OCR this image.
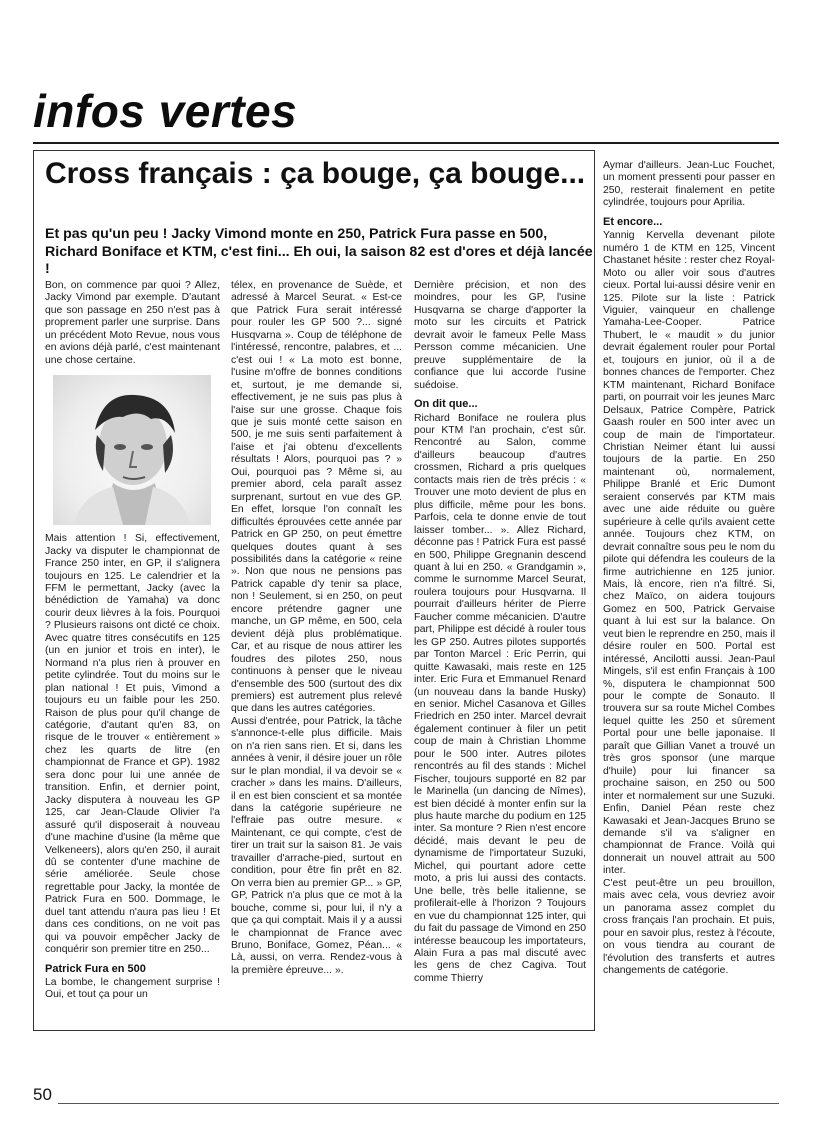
infos vertes
Cross français : ça bouge, ça bouge...
Et pas qu'un peu ! Jacky Vimond monte en 250, Patrick Fura passe en 500, Richard Boniface et KTM, c'est fini... Eh oui, la saison 82 est d'ores et déjà lancée !

Bon, on commence par quoi ? Allez, Jacky Vimond par exemple. D'autant que son passage en 250 n'est pas à proprement parler une surprise. Dans un précédent Moto Revue, nous vous en avions déjà parlé, c'est maintenant une chose certaine.

Mais attention ! Si, effectivement, Jacky va disputer le championnat de France 250 inter, en GP, il s'alignera toujours en 125. Le calendrier et la FFM le permettant, Jacky (avec la bénédiction de Yamaha) va donc courir deux lièvres à la fois. Pourquoi ? Plusieurs raisons ont dicté ce choix. Avec quatre titres consécutifs en 125 (un en junior et trois en inter), le Normand n'a plus rien à prouver en petite cylindrée. Tout du moins sur le plan national ! Et puis, Vimond a toujours eu un faible pour les 250. Raison de plus pour qu'il change de catégorie, d'autant qu'en 83, on risque de le trouver « entièrement » chez les quarts de litre (en championnat de France et GP). 1982 sera donc pour lui une année de transition. Enfin, et dernier point, Jacky disputera à nouveau les GP 125, car Jean-Claude Olivier l'a assuré qu'il disposerait à nouveau d'une machine d'usine (la même que Velkeneers), alors qu'en 250, il aurait dû se contenter d'une machine de série améliorée. Seule chose regrettable pour Jacky, la montée de Patrick Fura en 500. Dommage, le duel tant attendu n'aura pas lieu ! Et dans ces conditions, on ne voit pas qui va pouvoir empêcher Jacky de conquérir son premier titre en 250...

Patrick Fura en 500

La bombe, le changement surprise ! Oui, et tout ça pour un

télex, en provenance de Suède, et adressé à Marcel Seurat. « Est-ce que Patrick Fura serait intéressé pour rouler les GP 500 ?... signé Husqvarna ». Coup de téléphone de l'intéressé, rencontre, palabres, et ... c'est oui ! « La moto est bonne, l'usine m'offre de bonnes conditions et, surtout, je me demande si, effectivement, je ne suis pas plus à l'aise sur une grosse. Chaque fois que je suis monté cette saison en 500, je me suis senti parfaitement à l'aise et j'ai obtenu d'excellents résultats ! Alors, pourquoi pas ? » Oui, pourquoi pas ? Même si, au premier abord, cela paraît assez surprenant, surtout en vue des GP. En effet, lorsque l'on connaît les difficultés éprouvées cette année par Patrick en GP 250, on peut émettre quelques doutes quant à ses possibilités dans la catégorie « reine ». Non que nous ne pensions pas Patrick capable d'y tenir sa place, non ! Seulement, si en 250, on peut encore prétendre gagner une manche, un GP même, en 500, cela devient déjà plus problématique. Car, et au risque de nous attirer les foudres des pilotes 250, nous continuons à penser que le niveau d'ensemble des 500 (surtout des dix premiers) est autrement plus relevé que dans les autres catégories.

Aussi d'entrée, pour Patrick, la tâche s'annonce-t-elle plus difficile. Mais on n'a rien sans rien. Et si, dans les années à venir, il désire jouer un rôle sur le plan mondial, il va devoir se « cracher » dans les mains. D'ailleurs, il en est bien conscient et sa montée dans la catégorie supérieure ne l'effraie pas outre mesure. « Maintenant, ce qui compte, c'est de tirer un trait sur la saison 81. Je vais travailler d'arrache-pied, surtout en condition, pour être fin prêt en 82. On verra bien au premier GP... » GP, GP, Patrick n'a plus que ce mot à la bouche, comme si, pour lui, il n'y a que ça qui comptait. Mais il y a aussi le championnat de France avec Bruno, Boniface, Gomez, Péan... « Là, aussi, on verra. Rendez-vous à la première épreuve... ».

Dernière précision, et non des moindres, pour les GP, l'usine Husqvarna se charge d'apporter la moto sur les circuits et Patrick devrait avoir le fameux Pelle Mass Persson comme mécanicien. Une preuve supplémentaire de la confiance que lui accorde l'usine suédoise.

On dit que...

Richard Boniface ne roulera plus pour KTM l'an prochain, c'est sûr. Rencontré au Salon, comme d'ailleurs beaucoup d'autres crossmen, Richard a pris quelques contacts mais rien de très précis : « Trouver une moto devient de plus en plus difficile, même pour les bons. Parfois, cela te donne envie de tout laisser tomber... ». Allez Richard, déconne pas ! Patrick Fura est passé en 500, Philippe Gregnanin descend quant à lui en 250. « Grandgamin », comme le surnomme Marcel Seurat, roulera toujours pour Husqvarna. Il pourrait d'ailleurs hériter de Pierre Faucher comme mécanicien. D'autre part, Philippe est décidé à rouler tous les GP 250. Autres pilotes supportés par Tonton Marcel : Eric Perrin, qui quitte Kawasaki, mais reste en 125 inter. Eric Fura et Emmanuel Renard (un nouveau dans la bande Husky) en senior. Michel Casanova et Gilles Friedrich en 250 inter. Marcel devrait également continuer à filer un petit coup de main à Christian Lhomme pour le 500 inter. Autres pilotes rencontrés au fil des stands : Michel Fischer, toujours supporté en 82 par le Marinella (un dancing de Nîmes), est bien décidé à monter enfin sur la plus haute marche du podium en 125 inter. Sa monture ? Rien n'est encore décidé, mais devant le peu de dynamisme de l'importateur Suzuki, Michel, qui pourtant adore cette moto, a pris lui aussi des contacts. Une belle, très belle italienne, se profilerait-elle à l'horizon ? Toujours en vue du championnat 125 inter, qui du fait du passage de Vimond en 250 intéresse beaucoup les importateurs, Alain Fura a pas mal discuté avec les gens de chez Cagiva. Tout comme Thierry

Aymar d'ailleurs. Jean-Luc Fouchet, un moment pressenti pour passer en 250, resterait finalement en petite cylindrée, toujours pour Aprilia.

Et encore...

Yannig Kervella devenant pilote numéro 1 de KTM en 125, Vincent Chastanet hésite : rester chez Royal-Moto ou aller voir sous d'autres cieux. Portal lui-aussi désire venir en 125. Pilote sur la liste : Patrick Viguier, vainqueur en challenge Yamaha-Lee-Cooper. Patrice Thubert, le « maudit » du junior devrait également rouler pour Portal et, toujours en junior, où il a de bonnes chances de l'emporter. Chez KTM maintenant, Richard Boniface parti, on pourrait voir les jeunes Marc Delsaux, Patrice Compère, Patrick Gaash rouler en 500 inter avec un coup de main de l'importateur. Christian Neimer étant lui aussi toujours de la partie. En 250 maintenant où, normalement, Philippe Branlé et Eric Dumont seraient conservés par KTM mais avec une aide réduite ou guère supérieure à celle qu'ils avaient cette année. Toujours chez KTM, on devrait connaître sous peu le nom du pilote qui défendra les couleurs de la firme autrichienne en 125 junior. Mais, là encore, rien n'a filtré. Si, chez Maïco, on aidera toujours Gomez en 500, Patrick Gervaise quant à lui est sur la balance. On veut bien le reprendre en 250, mais il désire rouler en 500. Portal est intéressé, Ancilotti aussi. Jean-Paul Mingels, s'il est enfin Français à 100 %, disputera le championnat 500 pour le compte de Sonauto. Il trouvera sur sa route Michel Combes lequel quitte les 250 et sûrement Portal pour une belle japonaise. Il paraît que Gillian Vanet a trouvé un très gros sponsor (une marque d'huile) pour lui financer sa prochaine saison, en 250 ou 500 inter et normalement sur une Suzuki. Enfin, Daniel Péan reste chez Kawasaki et Jean-Jacques Bruno se demande s'il va s'aligner en championnat de France. Voilà qui donnerait un nouvel attrait au 500 inter.

C'est peut-être un peu brouillon, mais avec cela, vous devriez avoir un panorama assez complet du cross français l'an prochain. Et puis, pour en savoir plus, restez à l'écoute, on vous tiendra au courant de l'évolution des transferts et autres changements de catégorie.

50
